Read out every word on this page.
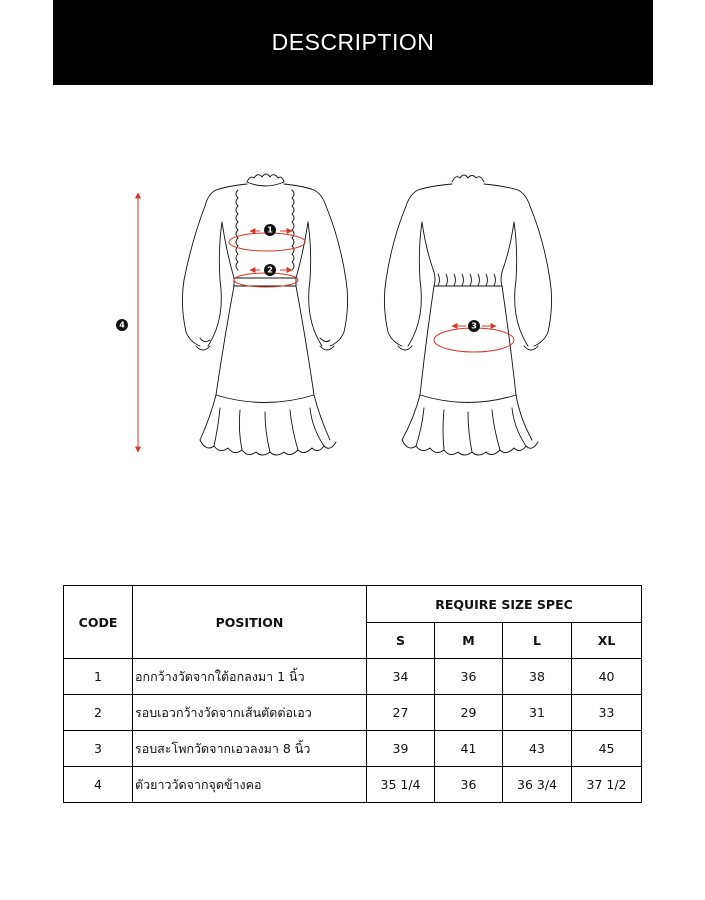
DESCRIPTION
4
1
2
3
CODE	POSITION	REQUIRE SIZE SPEC			
		S	M	L	XL
1	อกกว้างวัดจากใต้อกลงมา 1 นิ้ว	34	36	38	40
2	รอบเอวกว้างวัดจากเส้นตัดต่อเอว	27	29	31	33
3	รอบสะโพกวัดจากเอวลงมา 8 นิ้ว	39	41	43	45
4	ตัวยาววัดจากจุดข้างคอ	35 1/4	36	36 3/4	37 1/2
